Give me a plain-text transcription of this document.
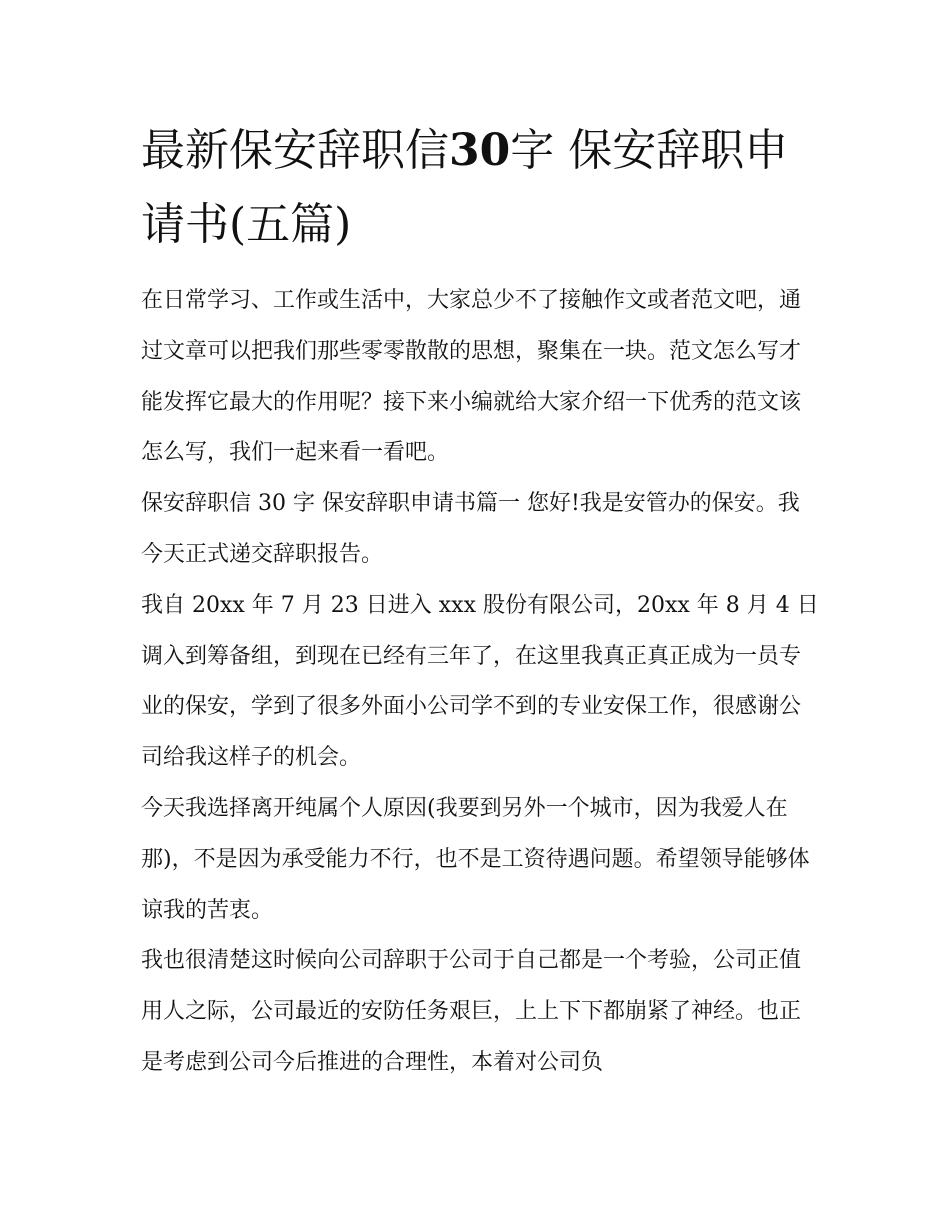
最新保安辞职信30字 保安辞职申请书(五篇)

在日常学习、工作或生活中，大家总少不了接触作文或者范文吧，通过文章可以把我们那些零零散散的思想，聚集在一块。范文怎么写才能发挥它最大的作用呢？接下来小编就给大家介绍一下优秀的范文该怎么写，我们一起来看一看吧。

保安辞职信 30 字 保安辞职申请书篇一 您好!我是安管办的保安。我今天正式递交辞职报告。

我自 20xx 年 7 月 23 日进入 xxx 股份有限公司，20xx 年 8 月 4 日调入到筹备组，到现在已经有三年了，在这里我真正真正成为一员专业的保安，学到了很多外面小公司学不到的专业安保工作，很感谢公司给我这样子的机会。

今天我选择离开纯属个人原因(我要到另外一个城市，因为我爱人在那)，不是因为承受能力不行，也不是工资待遇问题。希望领导能够体谅我的苦衷。

我也很清楚这时候向公司辞职于公司于自己都是一个考验，公司正值用人之际，公司最近的安防任务艰巨，上上下下都崩紧了神经。也正是考虑到公司今后推进的合理性，本着对公司负
